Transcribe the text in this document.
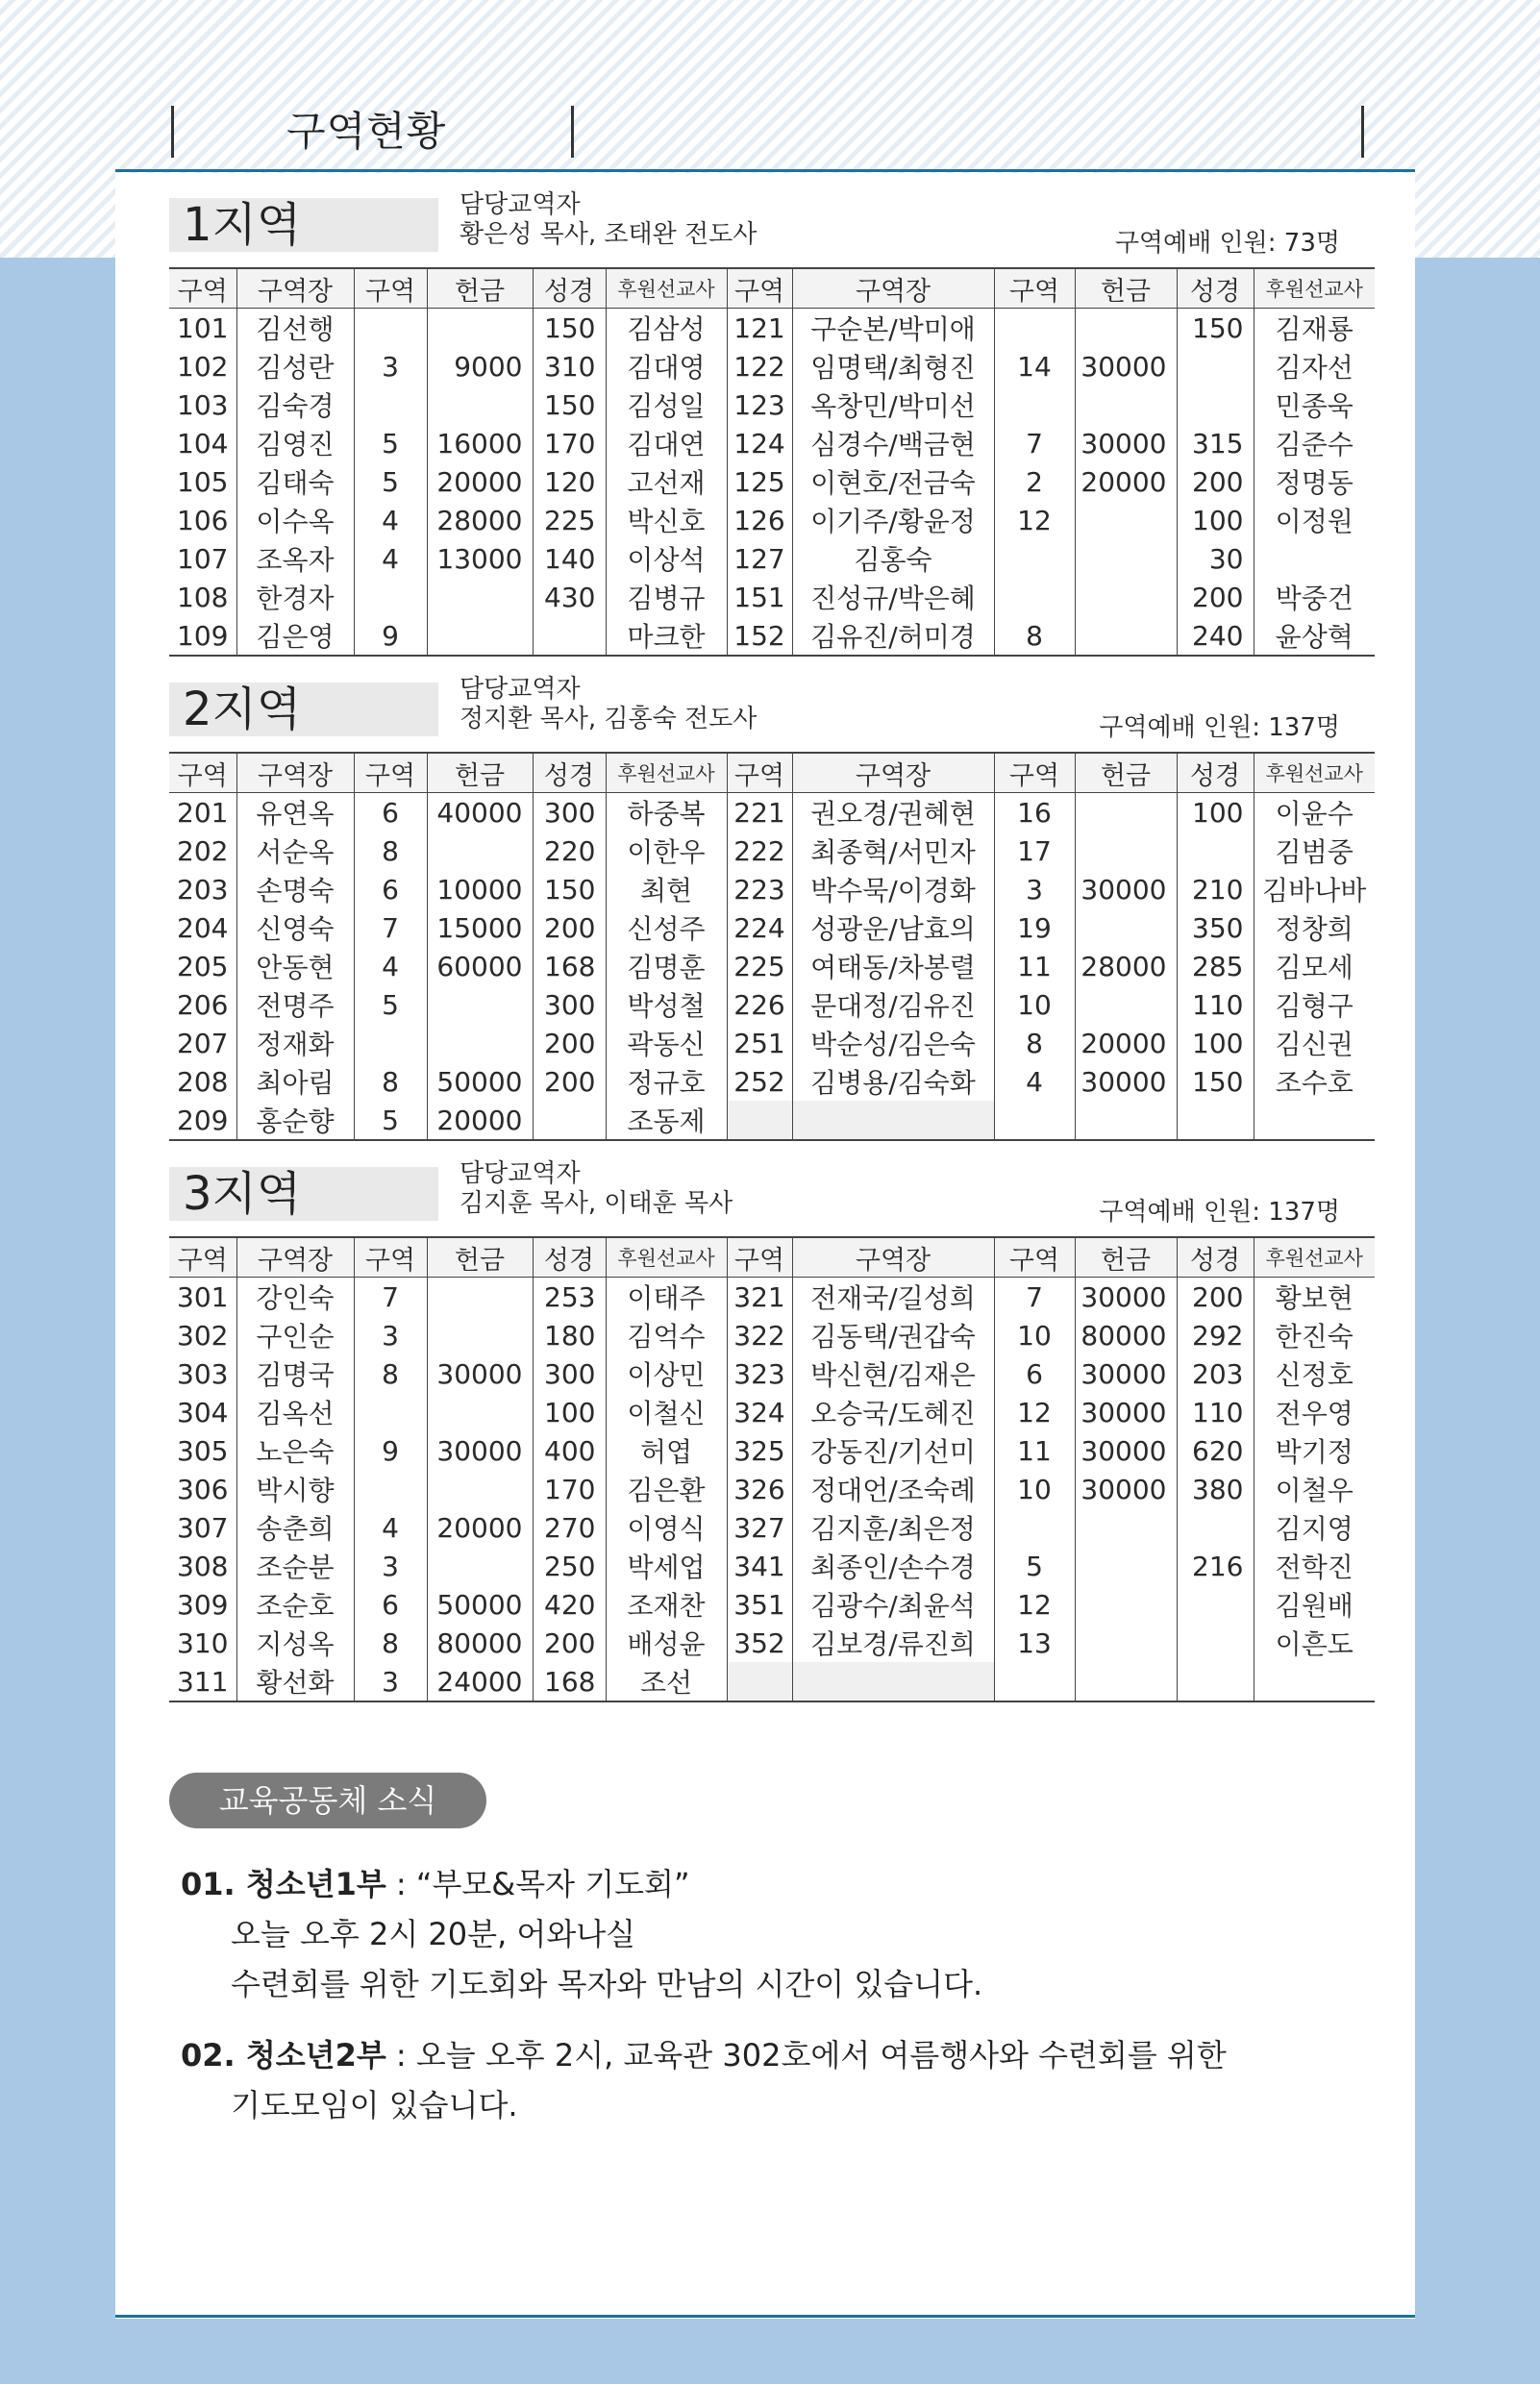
구역현황
1지역	담당교역자
황은성 목사, 조태완 전도사	구역예배 인원: 73명
구역	구역장	구역	헌금	성경	후원선교사	구역	구역장	구역	헌금	성경	후원선교사
101	김선행			150	김삼성	121	구순본/박미애			150	김재룡
102	김성란	3	9000	310	김대영	122	임명택/최형진	14	30000		김자선
103	김숙경			150	김성일	123	옥창민/박미선				민종욱
104	김영진	5	16000	170	김대연	124	심경수/백금현	7	30000	315	김준수
105	김태숙	5	20000	120	고선재	125	이현호/전금숙	2	20000	200	정명동
106	이수옥	4	28000	225	박신호	126	이기주/황윤정	12		100	이정원
107	조옥자	4	13000	140	이상석	127	김홍숙			30	
108	한경자			430	김병규	151	진성규/박은혜			200	박중건
109	김은영	9			마크한	152	김유진/허미경	8		240	윤상혁
2지역	담당교역자
정지환 목사, 김홍숙 전도사	구역예배 인원: 137명
구역	구역장	구역	헌금	성경	후원선교사	구역	구역장	구역	헌금	성경	후원선교사
201	유연옥	6	40000	300	하중복	221	권오경/권혜현	16		100	이윤수
202	서순옥	8		220	이한우	222	최종혁/서민자	17			김범중
203	손명숙	6	10000	150	최현	223	박수묵/이경화	3	30000	210	김바나바
204	신영숙	7	15000	200	신성주	224	성광운/남효의	19		350	정창희
205	안동현	4	60000	168	김명훈	225	여태동/차봉렬	11	28000	285	김모세
206	전명주	5		300	박성철	226	문대정/김유진	10		110	김형구
207	정재화			200	곽동신	251	박순성/김은숙	8	20000	100	김신권
208	최아림	8	50000	200	정규호	252	김병용/김숙화	4	30000	150	조수호
209	홍순향	5	20000		조동제						
3지역	담당교역자
김지훈 목사, 이태훈 목사	구역예배 인원: 137명
구역	구역장	구역	헌금	성경	후원선교사	구역	구역장	구역	헌금	성경	후원선교사
301	강인숙	7		253	이태주	321	전재국/길성희	7	30000	200	황보현
302	구인순	3		180	김억수	322	김동택/권갑숙	10	80000	292	한진숙
303	김명국	8	30000	300	이상민	323	박신현/김재은	6	30000	203	신정호
304	김옥선			100	이철신	324	오승국/도혜진	12	30000	110	전우영
305	노은숙	9	30000	400	허엽	325	강동진/기선미	11	30000	620	박기정
306	박시향			170	김은환	326	정대언/조숙례	10	30000	380	이철우
307	송춘희	4	20000	270	이영식	327	김지훈/최은정				김지영
308	조순분	3		250	박세업	341	최종인/손수경	5		216	전학진
309	조순호	6	50000	420	조재찬	351	김광수/최윤석	12			김원배
310	지성옥	8	80000	200	배성윤	352	김보경/류진희	13			이흔도
311	황선화	3	24000	168	조선						
교육공동체 소식
01. 청소년1부 : “부모&목자 기도회”
오늘 오후 2시 20분, 어와나실
수련회를 위한 기도회와 목자와 만남의 시간이 있습니다.
02. 청소년2부 : 오늘 오후 2시, 교육관 302호에서 여름행사와 수련회를 위한
기도모임이 있습니다.
